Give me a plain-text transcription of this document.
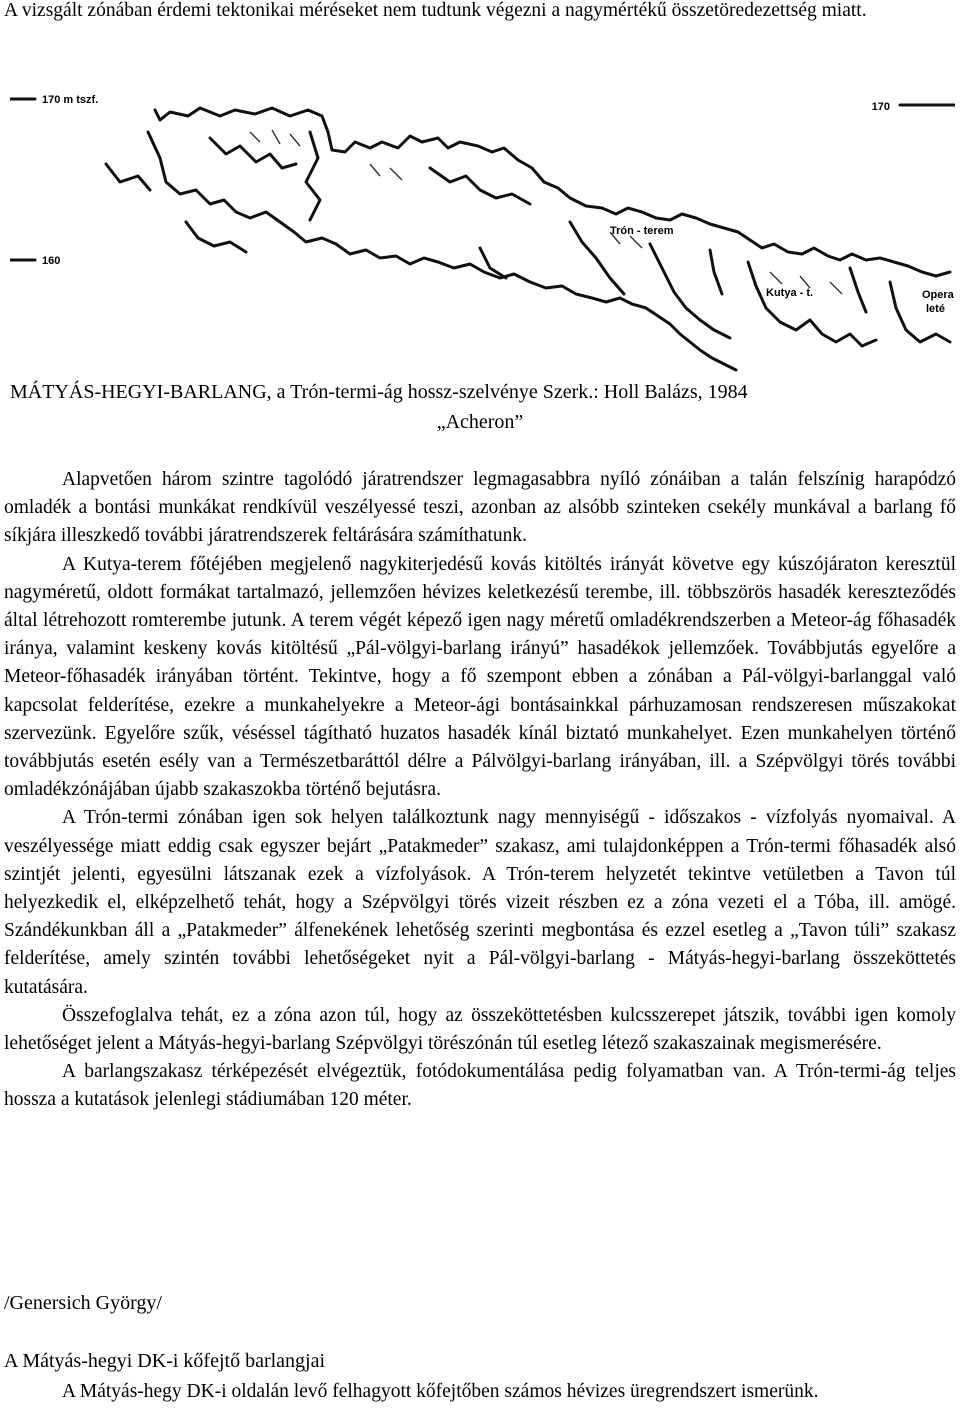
A vizsgált zónában érdemi tektonikai méréseket nem tudtunk végezni a nagymértékű összetöredezettség miatt.

170 m tszf.
170
160
Trón - terem
Kutya - t.	Opera
leté
MÁTYÁS-HEGYI-BARLANG, a Trón-termi-ág hossz-szelvénye Szerk.: Holl Balázs, 1984
„Acheron”

Alapvetően három szintre tagolódó járatrendszer legmagasabbra nyíló zónáiban a talán felszínig harapódzó omladék a bontási munkákat rendkívül veszélyessé teszi, azonban az alsóbb szinteken csekély munkával a barlang fő síkjára illeszkedő további járatrendszerek feltárására számíthatunk.

A Kutya-terem főtéjében megjelenő nagykiterjedésű kovás kitöltés irányát követve egy kúszójáraton keresztül nagyméretű, oldott formákat tartalmazó, jellemzően hévizes keletkezésű terembe, ill. többszörös hasadék kereszteződés által létrehozott romterembe jutunk. A terem végét képező igen nagy méretű omladékrendszerben a Meteor-ág főhasadék iránya, valamint keskeny kovás kitöltésű „Pál-völgyi-barlang irányú” hasadékok jellemzőek. Továbbjutás egyelőre a Meteor-főhasadék irányában történt. Tekintve, hogy a fő szempont ebben a zónában a Pál-völgyi-barlanggal való kapcsolat felderítése, ezekre a munkahelyekre a Meteor-ági bontásainkkal párhuzamosan rendszeresen műszakokat szervezünk. Egyelőre szűk, véséssel tágítható huzatos hasadék kínál biztató munkahelyet. Ezen munkahelyen történő továbbjutás esetén esély van a Természetbaráttól délre a Pálvölgyi-barlang irányában, ill. a Szépvölgyi törés további omladékzónájában újabb szakaszokba történő bejutásra.

A Trón-termi zónában igen sok helyen találkoztunk nagy mennyiségű - időszakos - vízfolyás nyomaival. A veszélyessége miatt eddig csak egyszer bejárt „Patakmeder” szakasz, ami tulajdonképpen a Trón-termi főhasadék alsó szintjét jelenti, egyesülni látszanak ezek a vízfolyások. A Trón-terem helyzetét tekintve vetületben a Tavon túl helyezkedik el, elképzelhető tehát, hogy a Szépvölgyi törés vizeit részben ez a zóna vezeti el a Tóba, ill. amögé. Szándékunkban áll a „Patakmeder” álfenekének lehetőség szerinti megbontása és ezzel esetleg a „Tavon túli” szakasz felderítése, amely szintén további lehetőségeket nyit a Pál-völgyi-barlang - Mátyás-hegyi-barlang összeköttetés kutatására.

Összefoglalva tehát, ez a zóna azon túl, hogy az összeköttetésben kulcsszerepet játszik, további igen komoly lehetőséget jelent a Mátyás-hegyi-barlang Szépvölgyi törészónán túl esetleg létező szakaszainak megismerésére.

A barlangszakasz térképezését elvégeztük, fotódokumentálása pedig folyamatban van. A Trón-termi-ág teljes hossza a kutatások jelenlegi stádiumában 120 méter.

/Genersich György/
A Mátyás-hegyi DK-i kőfejtő barlangjai

A Mátyás-hegy DK-i oldalán levő felhagyott kőfejtőben számos hévizes üregrendszert ismerünk.
